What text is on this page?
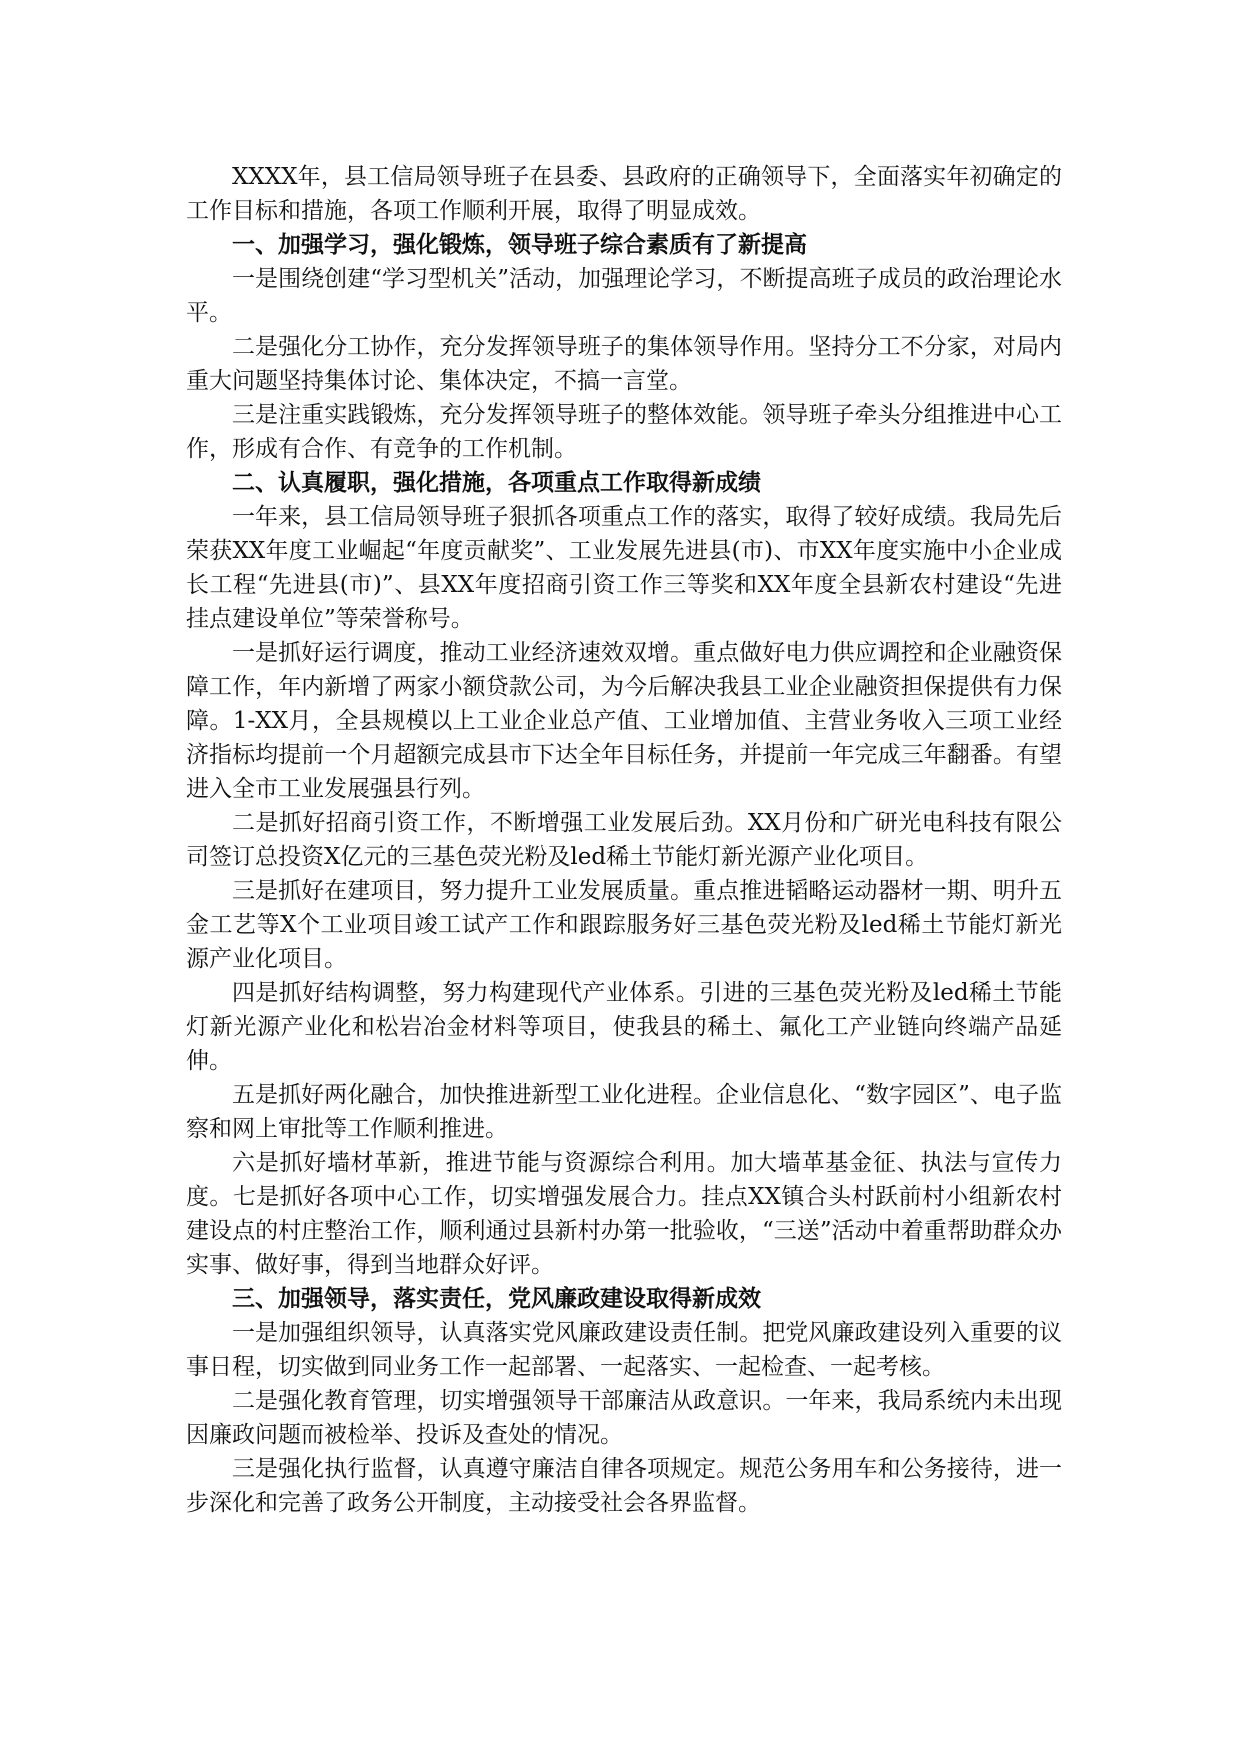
XXXX年，县工信局领导班子在县委、县政府的正确领导下，全面落实年初确定的工作目标和措施，各项工作顺利开展，取得了明显成效。

一、加强学习，强化锻炼，领导班子综合素质有了新提高

一是围绕创建“学习型机关”活动，加强理论学习，不断提高班子成员的政治理论水平。

二是强化分工协作，充分发挥领导班子的集体领导作用。坚持分工不分家，对局内重大问题坚持集体讨论、集体决定，不搞一言堂。

三是注重实践锻炼，充分发挥领导班子的整体效能。领导班子牵头分组推进中心工作，形成有合作、有竞争的工作机制。

二、认真履职，强化措施，各项重点工作取得新成绩

一年来，县工信局领导班子狠抓各项重点工作的落实，取得了较好成绩。我局先后荣获XX年度工业崛起“年度贡献奖”、工业发展先进县(市)、市XX年度实施中小企业成长工程“先进县(市)”、县XX年度招商引资工作三等奖和XX年度全县新农村建设“先进挂点建设单位”等荣誉称号。

一是抓好运行调度，推动工业经济速效双增。重点做好电力供应调控和企业融资保障工作，年内新增了两家小额贷款公司，为今后解决我县工业企业融资担保提供有力保障。1-XX月，全县规模以上工业企业总产值、工业增加值、主营业务收入三项工业经济指标均提前一个月超额完成县市下达全年目标任务，并提前一年完成三年翻番。有望进入全市工业发展强县行列。

二是抓好招商引资工作，不断增强工业发展后劲。XX月份和广研光电科技有限公司签订总投资X亿元的三基色荧光粉及led稀土节能灯新光源产业化项目。

三是抓好在建项目，努力提升工业发展质量。重点推进韬略运动器材一期、明升五金工艺等X个工业项目竣工试产工作和跟踪服务好三基色荧光粉及led稀土节能灯新光源产业化项目。

四是抓好结构调整，努力构建现代产业体系。引进的三基色荧光粉及led稀土节能灯新光源产业化和松岩冶金材料等项目，使我县的稀土、氟化工产业链向终端产品延伸。

五是抓好两化融合，加快推进新型工业化进程。企业信息化、“数字园区”、电子监察和网上审批等工作顺利推进。

六是抓好墙材革新，推进节能与资源综合利用。加大墙革基金征、执法与宣传力度。七是抓好各项中心工作，切实增强发展合力。挂点XX镇合头村跃前村小组新农村建设点的村庄整治工作，顺利通过县新村办第一批验收，“三送”活动中着重帮助群众办实事、做好事，得到当地群众好评。

三、加强领导，落实责任，党风廉政建设取得新成效

一是加强组织领导，认真落实党风廉政建设责任制。把党风廉政建设列入重要的议事日程，切实做到同业务工作一起部署、一起落实、一起检查、一起考核。

二是强化教育管理，切实增强领导干部廉洁从政意识。一年来，我局系统内未出现因廉政问题而被检举、投诉及查处的情况。

三是强化执行监督，认真遵守廉洁自律各项规定。规范公务用车和公务接待，进一步深化和完善了政务公开制度，主动接受社会各界监督。
